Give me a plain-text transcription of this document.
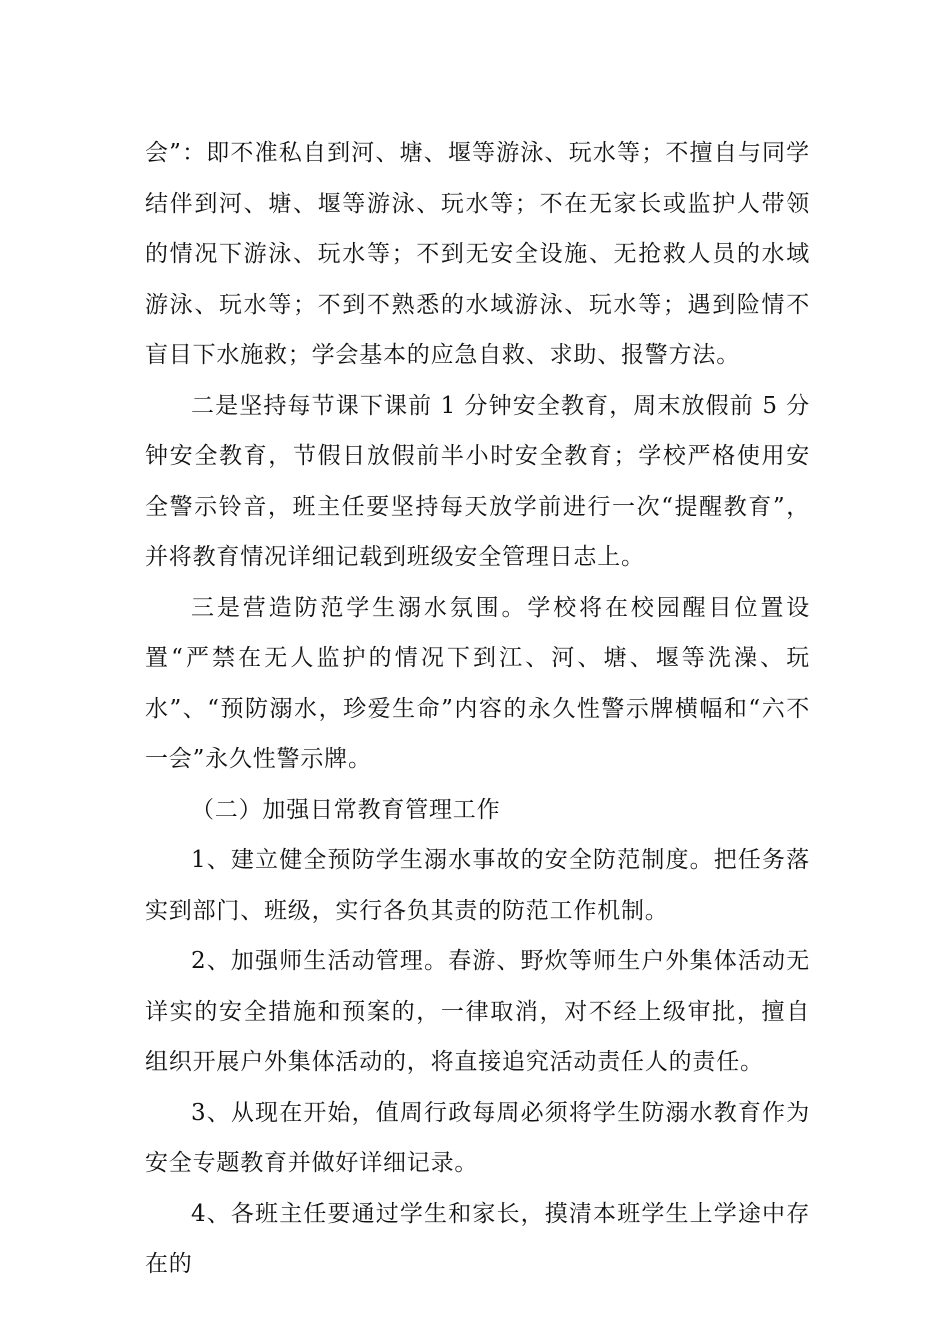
会”：即不准私自到河、塘、堰等游泳、玩水等；不擅自与同学结伴到河、塘、堰等游泳、玩水等；不在无家长或监护人带领的情况下游泳、玩水等；不到无安全设施、无抢救人员的水域游泳、玩水等；不到不熟悉的水域游泳、玩水等；遇到险情不盲目下水施救；学会基本的应急自救、求助、报警方法。

二是坚持每节课下课前 1 分钟安全教育，周末放假前 5 分钟安全教育，节假日放假前半小时安全教育；学校严格使用安全警示铃音，班主任要坚持每天放学前进行一次“提醒教育”，并将教育情况详细记载到班级安全管理日志上。

三是营造防范学生溺水氛围。学校将在校园醒目位置设置“严禁在无人监护的情况下到江、河、塘、堰等洗澡、玩水”、“预防溺水，珍爱生命”内容的永久性警示牌横幅和“六不一会”永久性警示牌。

（二）加强日常教育管理工作

1、建立健全预防学生溺水事故的安全防范制度。把任务落实到部门、班级，实行各负其责的防范工作机制。

2、加强师生活动管理。春游、野炊等师生户外集体活动无详实的安全措施和预案的，一律取消，对不经上级审批，擅自组织开展户外集体活动的，将直接追究活动责任人的责任。

3、从现在开始，值周行政每周必须将学生防溺水教育作为安全专题教育并做好详细记录。

4、各班主任要通过学生和家长，摸清本班学生上学途中存在的
